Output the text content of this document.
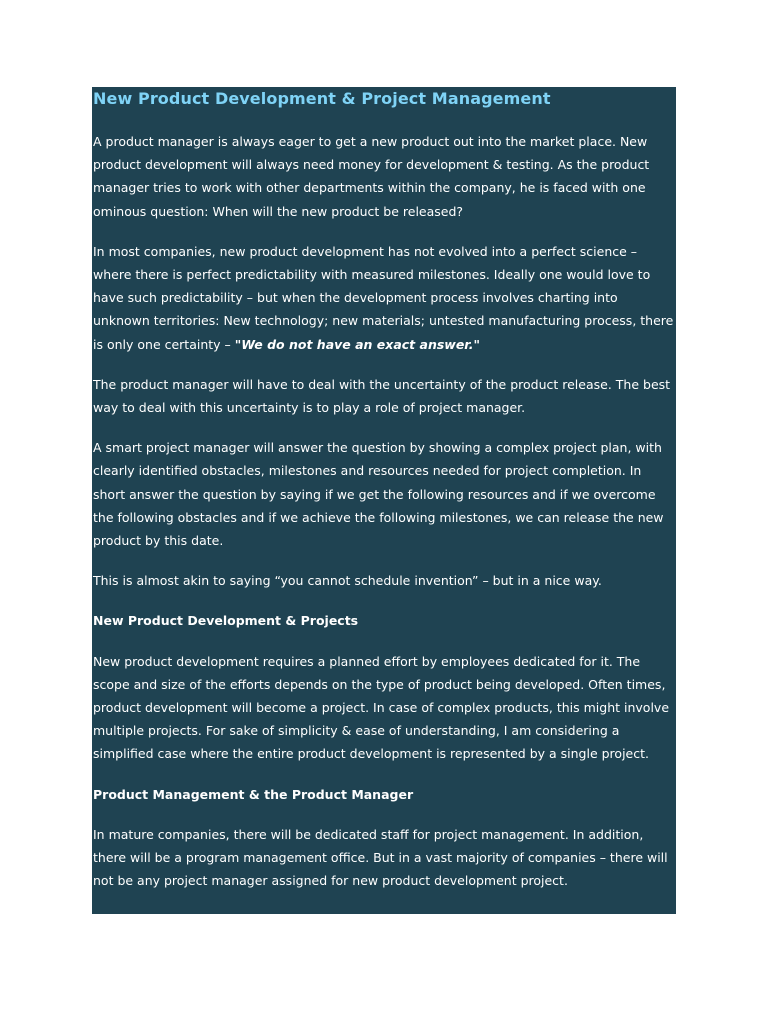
New Product Development & Project Management

A product manager is always eager to get a new product out into the market place. New product development will always need money for development & testing. As the product manager tries to work with other departments within the company, he is faced with one ominous question: When will the new product be released?

In most companies, new product development has not evolved into a perfect science – where there is perfect predictability with measured milestones. Ideally one would love to have such predictability – but when the development process involves charting into unknown territories: New technology; new materials; untested manufacturing process, there is only one certainty – "We do not have an exact answer."

The product manager will have to deal with the uncertainty of the product release. The best way to deal with this uncertainty is to play a role of project manager.

A smart project manager will answer the question by showing a complex project plan, with clearly identified obstacles, milestones and resources needed for project completion. In short answer the question by saying if we get the following resources and if we overcome the following obstacles and if we achieve the following milestones, we can release the new product by this date.

This is almost akin to saying “you cannot schedule invention” – but in a nice way.

New Product Development & Projects

New product development requires a planned effort by employees dedicated for it. The scope and size of the efforts depends on the type of product being developed. Often times, product development will become a project. In case of complex products, this might involve multiple projects. For sake of simplicity & ease of understanding, I am considering a simplified case where the entire product development is represented by a single project.

Product Management & the Product Manager

In mature companies, there will be dedicated staff for project management. In addition, there will be a program management office. But in a vast majority of companies – there will not be any project manager assigned for new product development project.
